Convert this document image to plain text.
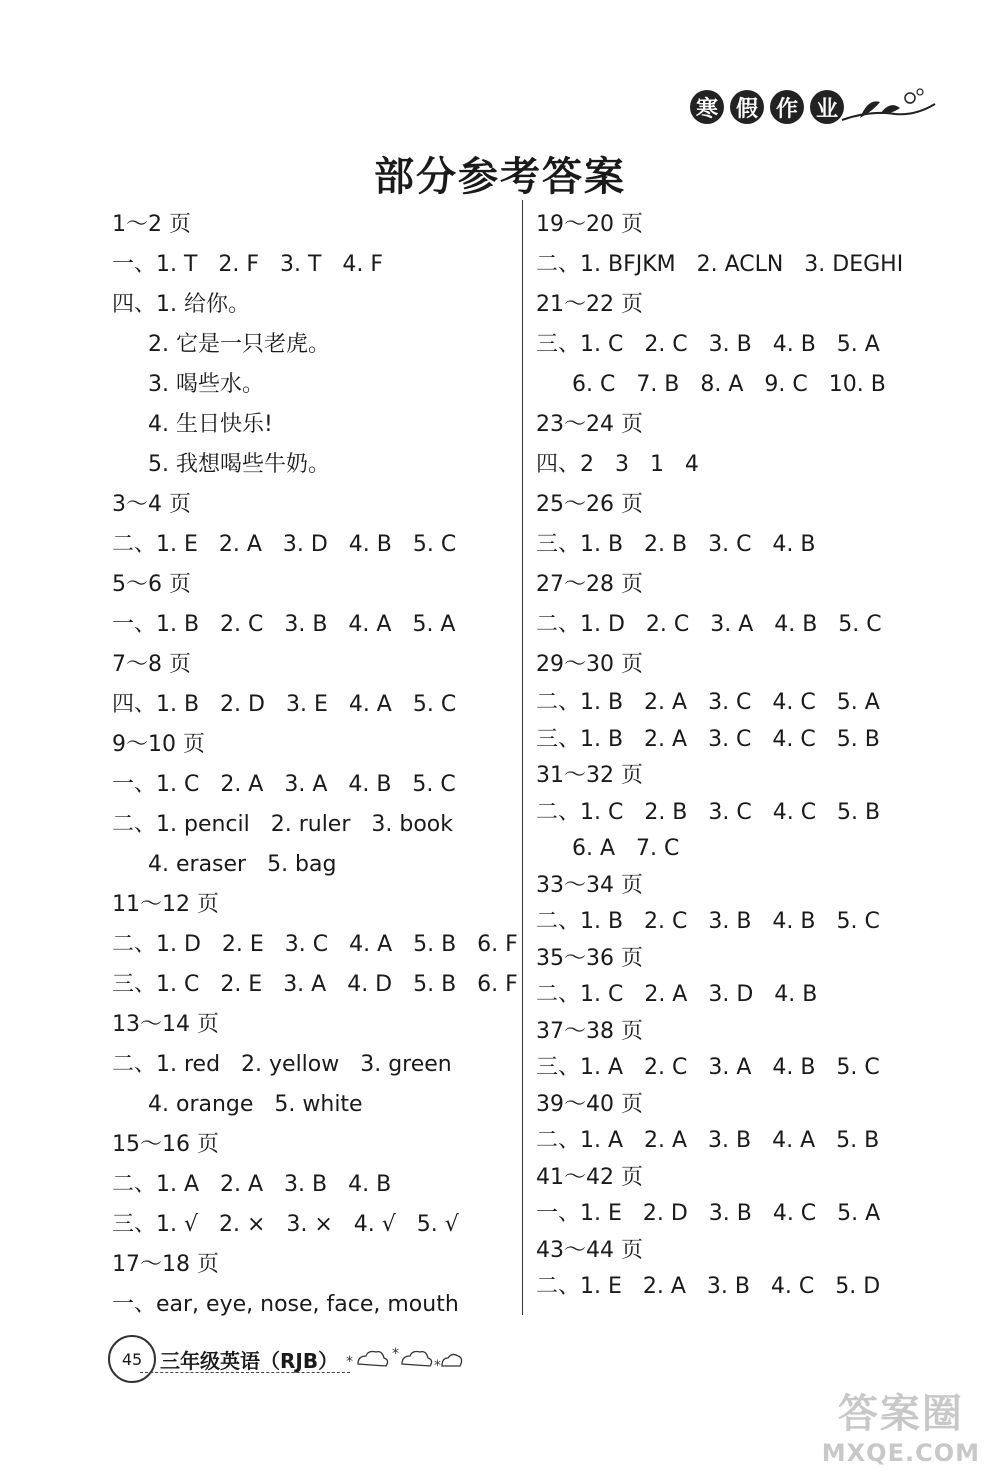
寒 假 作 业
部分参考答案
1～2 页
一、1. T   2. F   3. T   4. F
四、1. 给你。
2. 它是一只老虎。
3. 喝些水。
4. 生日快乐!
5. 我想喝些牛奶。
3～4 页
二、1. E   2. A   3. D   4. B   5. C
5～6 页
一、1. B   2. C   3. B   4. A   5. A
7～8 页
四、1. B   2. D   3. E   4. A   5. C
9～10 页
一、1. C   2. A   3. A   4. B   5. C
二、1. pencil   2. ruler   3. book
4. eraser   5. bag
11～12 页
二、1. D   2. E   3. C   4. A   5. B   6. F
三、1. C   2. E   3. A   4. D   5. B   6. F
13～14 页
二、1. red   2. yellow   3. green
4. orange   5. white
15～16 页
二、1. A   2. A   3. B   4. B
三、1. √   2. ×   3. ×   4. √   5. √
17～18 页
一、ear, eye, nose, face, mouth
19～20 页
二、1. BFJKM   2. ACLN   3. DEGHI
21～22 页
三、1. C   2. C   3. B   4. B   5. A
6. C   7. B   8. A   9. C   10. B
23～24 页
四、2   3   1   4
25～26 页
三、1. B   2. B   3. C   4. B
27～28 页
二、1. D   2. C   3. A   4. B   5. C
29～30 页
二、1. B   2. A   3. C   4. C   5. A
三、1. B   2. A   3. C   4. C   5. B
31～32 页
二、1. C   2. B   3. C   4. C   5. B
6. A   7. C
33～34 页
二、1. B   2. C   3. B   4. B   5. C
35～36 页
二、1. C   2. A   3. D   4. B
37～38 页
三、1. A   2. C   3. A   4. B   5. C
39～40 页
二、1. A   2. A   3. B   4. A   5. B
41～42 页
一、1. E   2. D   3. B   4. C   5. A
43～44 页
二、1. E   2. A   3. B   4. C   5. D
45 三年级英语（RJB） *	*
*
答案圈
MXQE.COM
